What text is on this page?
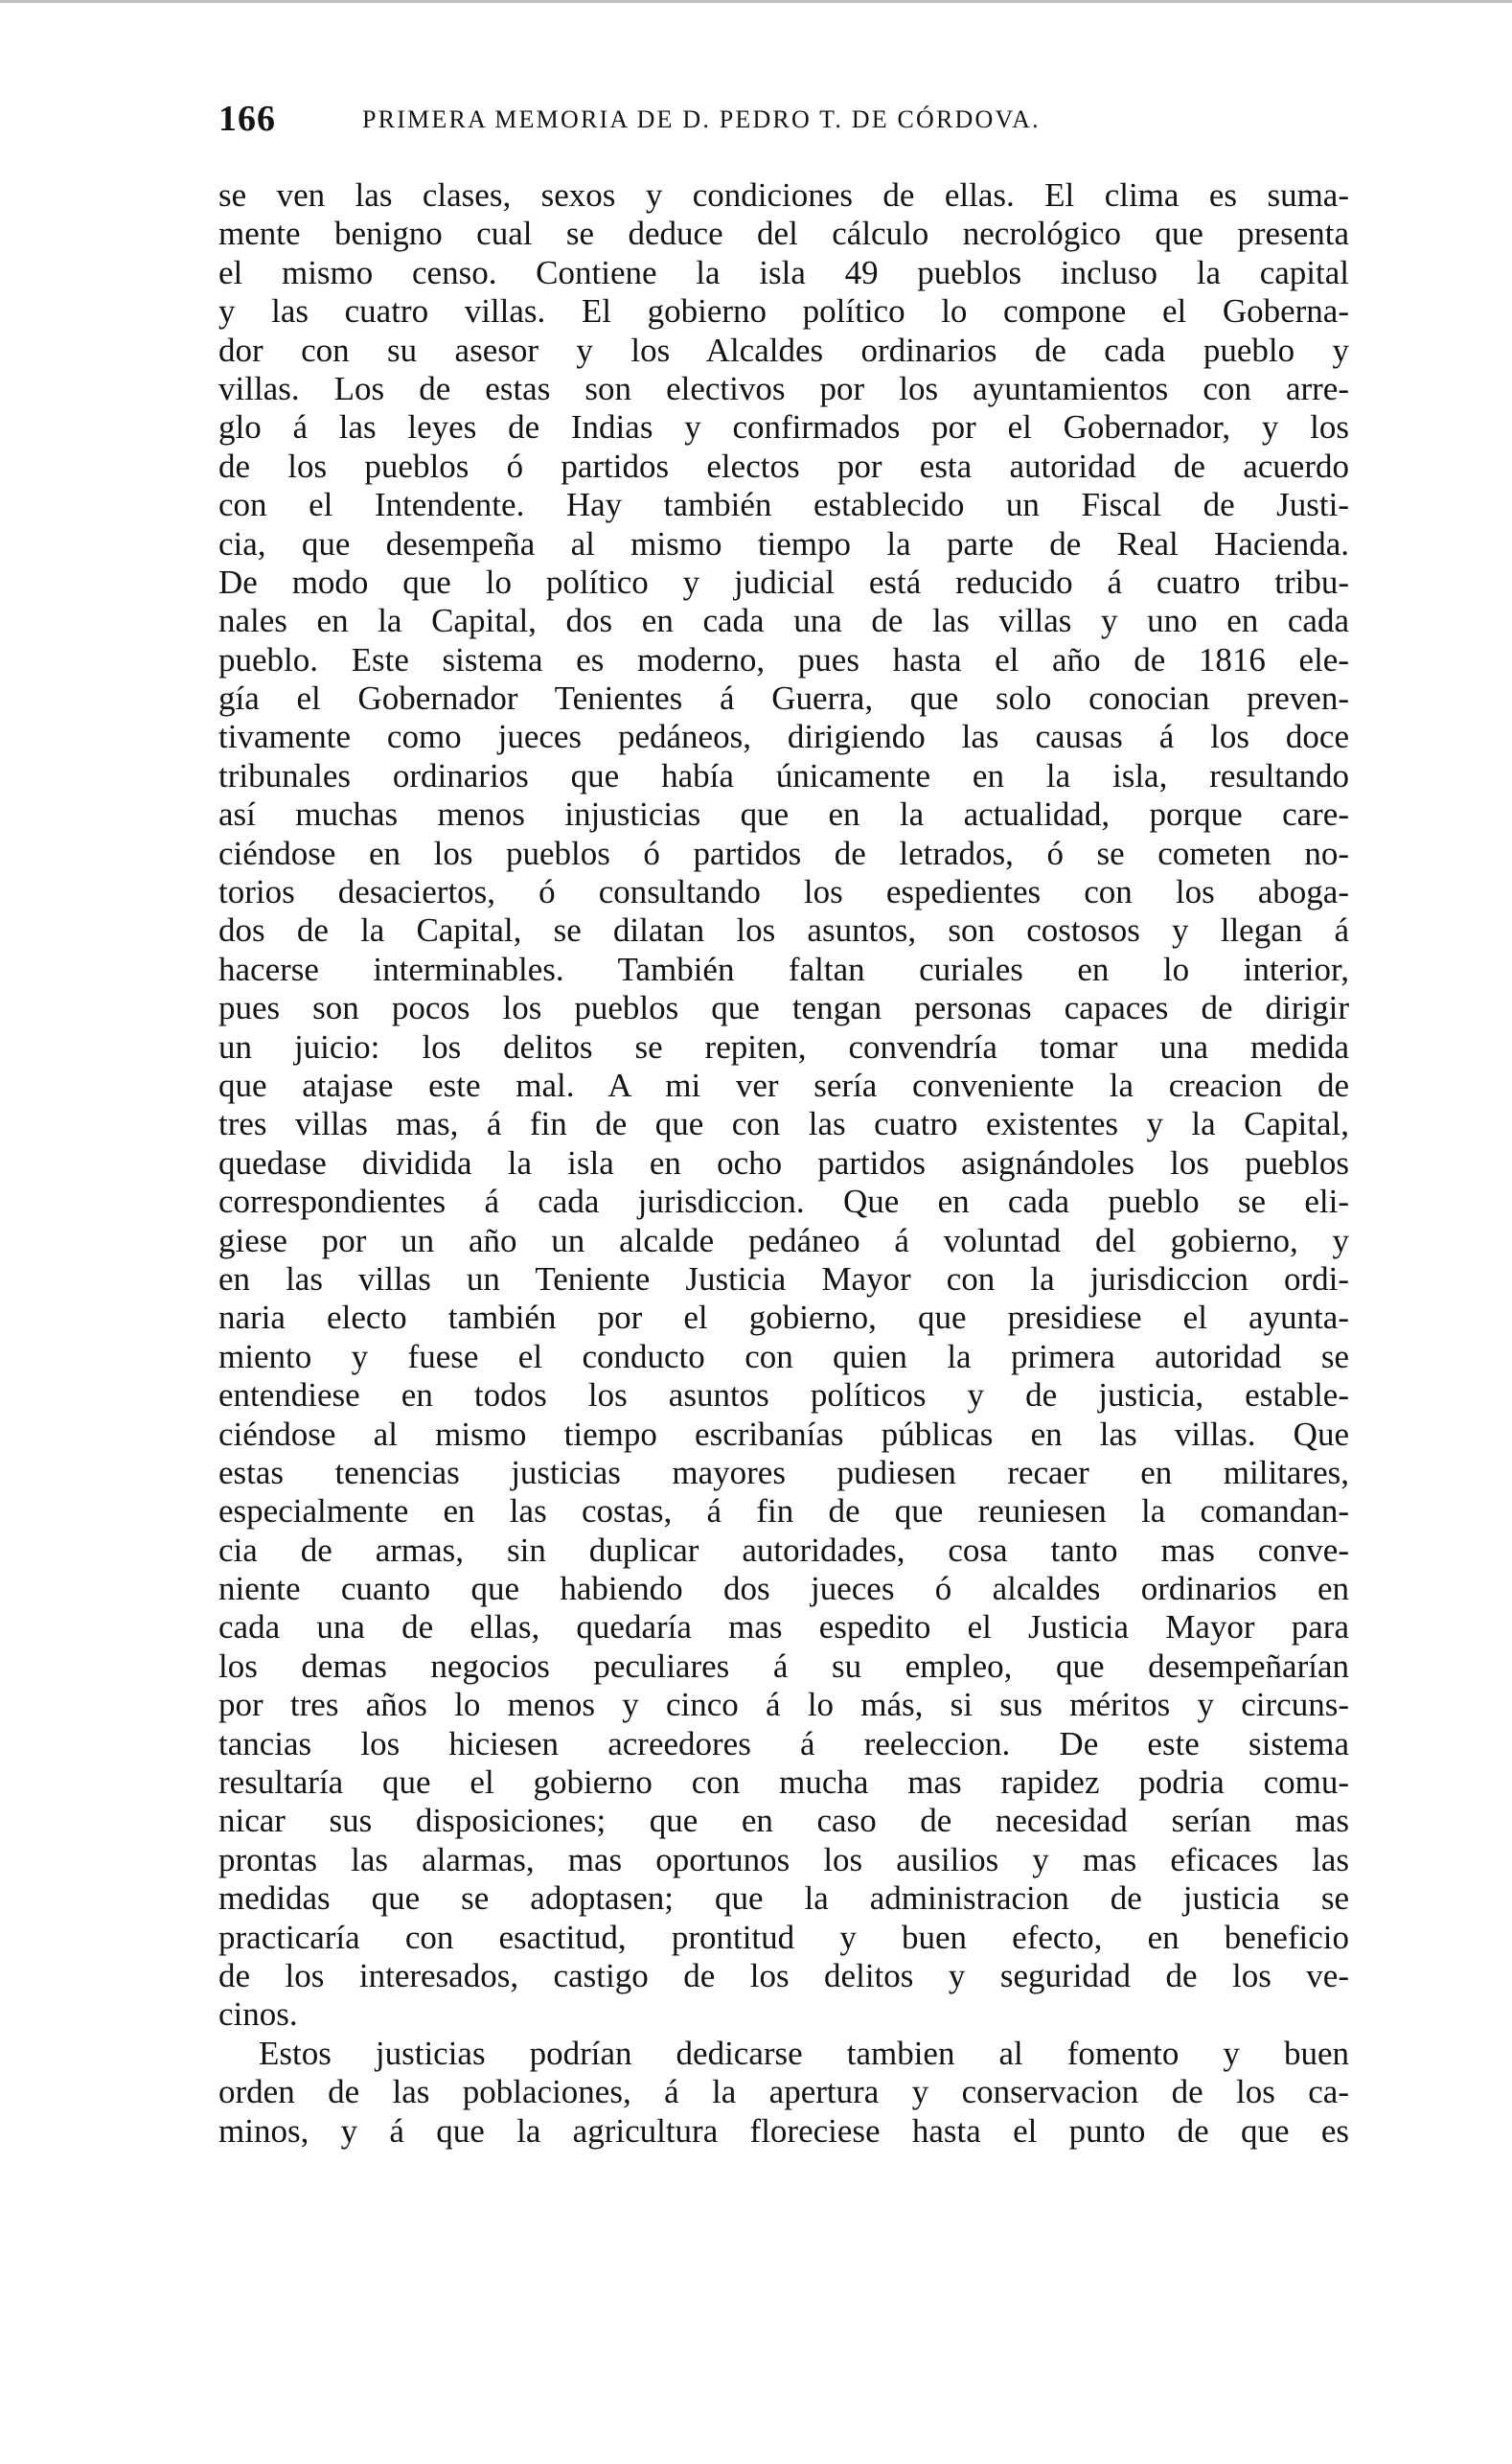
166	PRIMERA MEMORIA DE D. PEDRO T. DE CÓRDOVA.
se ven las clases, sexos y condiciones de ellas. El clima es suma-
mente benigno cual se deduce del cálculo necrológico que presenta
el mismo censo. Contiene la isla 49 pueblos incluso la capital
y las cuatro villas. El gobierno político lo compone el Goberna-
dor con su asesor y los Alcaldes ordinarios de cada pueblo y
villas. Los de estas son electivos por los ayuntamientos con arre-
glo á las leyes de Indias y confirmados por el Gobernador, y los
de los pueblos ó partidos electos por esta autoridad de acuerdo
con el Intendente. Hay también establecido un Fiscal de Justi-
cia, que desempeña al mismo tiempo la parte de Real Hacienda.
De modo que lo político y judicial está reducido á cuatro tribu-
nales en la Capital, dos en cada una de las villas y uno en cada
pueblo. Este sistema es moderno, pues hasta el año de 1816 ele-
gía el Gobernador Tenientes á Guerra, que solo conocian preven-
tivamente como jueces pedáneos, dirigiendo las causas á los doce
tribunales ordinarios que había únicamente en la isla, resultando
así muchas menos injusticias que en la actualidad, porque care-
ciéndose en los pueblos ó partidos de letrados, ó se cometen no-
torios desaciertos, ó consultando los espedientes con los aboga-
dos de la Capital, se dilatan los asuntos, son costosos y llegan á
hacerse interminables. También faltan curiales en lo interior,
pues son pocos los pueblos que tengan personas capaces de dirigir
un juicio: los delitos se repiten, convendría tomar una medida
que atajase este mal. A mi ver sería conveniente la creacion de
tres villas mas, á fin de que con las cuatro existentes y la Capital,
quedase dividida la isla en ocho partidos asignándoles los pueblos
correspondientes á cada jurisdiccion. Que en cada pueblo se eli-
giese por un año un alcalde pedáneo á voluntad del gobierno, y
en las villas un Teniente Justicia Mayor con la jurisdiccion ordi-
naria electo también por el gobierno, que presidiese el ayunta-
miento y fuese el conducto con quien la primera autoridad se
entendiese en todos los asuntos políticos y de justicia, estable-
ciéndose al mismo tiempo escribanías públicas en las villas. Que
estas tenencias justicias mayores pudiesen recaer en militares,
especialmente en las costas, á fin de que reuniesen la comandan-
cia de armas, sin duplicar autoridades, cosa tanto mas conve-
niente cuanto que habiendo dos jueces ó alcaldes ordinarios en
cada una de ellas, quedaría mas espedito el Justicia Mayor para
los demas negocios peculiares á su empleo, que desempeñarían
por tres años lo menos y cinco á lo más, si sus méritos y circuns-
tancias los hiciesen acreedores á reeleccion. De este sistema
resultaría que el gobierno con mucha mas rapidez podria comu-
nicar sus disposiciones; que en caso de necesidad serían mas
prontas las alarmas, mas oportunos los ausilios y mas eficaces las
medidas que se adoptasen; que la administracion de justicia se
practicaría con esactitud, prontitud y buen efecto, en beneficio
de los interesados, castigo de los delitos y seguridad de los ve-
cinos.
Estos justicias podrían dedicarse tambien al fomento y buen
orden de las poblaciones, á la apertura y conservacion de los ca-
minos, y á que la agricultura floreciese hasta el punto de que es
